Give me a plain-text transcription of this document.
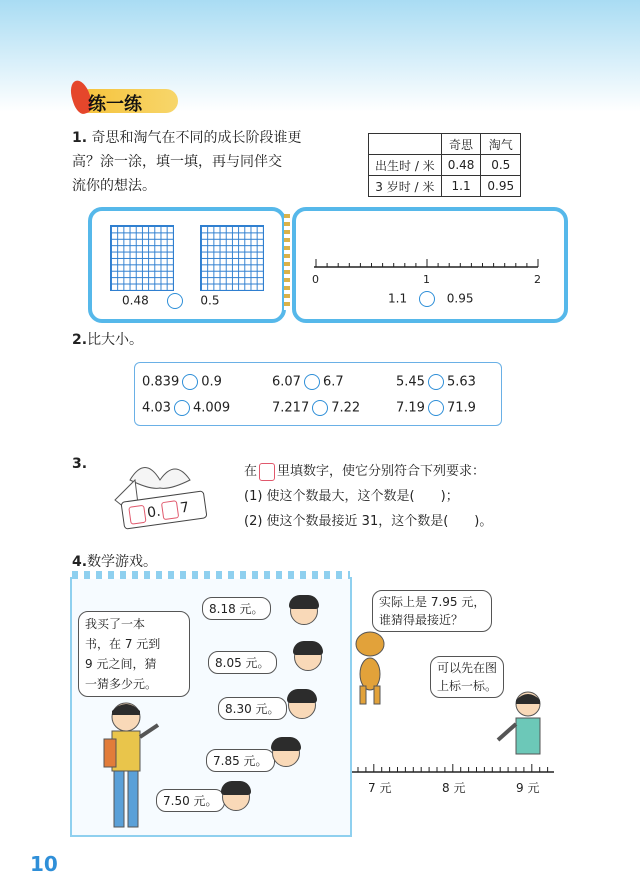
练一练
1. 奇思和淘气在不同的成长阶段谁更
高？涂一涂，填一填，再与同伴交
流你的想法。
	奇思	淘气
出生时 / 米	0.48	0.5
3 岁时 / 米	1.1	0.95
0.48	0.5
0	1	2
1.1	0.95
2.比大小。
0.839 0.9	6.07 6.7	5.45 5.63
4.03 4.009	7.217 7.22	7.19 71.9
3.
0. 7
在 里填数字，使它分别符合下列要求：
(1) 使这个数最大，这个数是(　　)；
(2) 使这个数最接近 31，这个数是(　　)。
4.数学游戏。
我买了一本
书，在 7 元到
9 元之间，猜
一猜多少元。
8.18 元。
8.05 元。
8.30 元。
7.85 元。
7.50 元。
实际上是 7.95 元，
谁猜得最接近？
可以先在图
上标一标。
7 元	8 元	9 元
10
